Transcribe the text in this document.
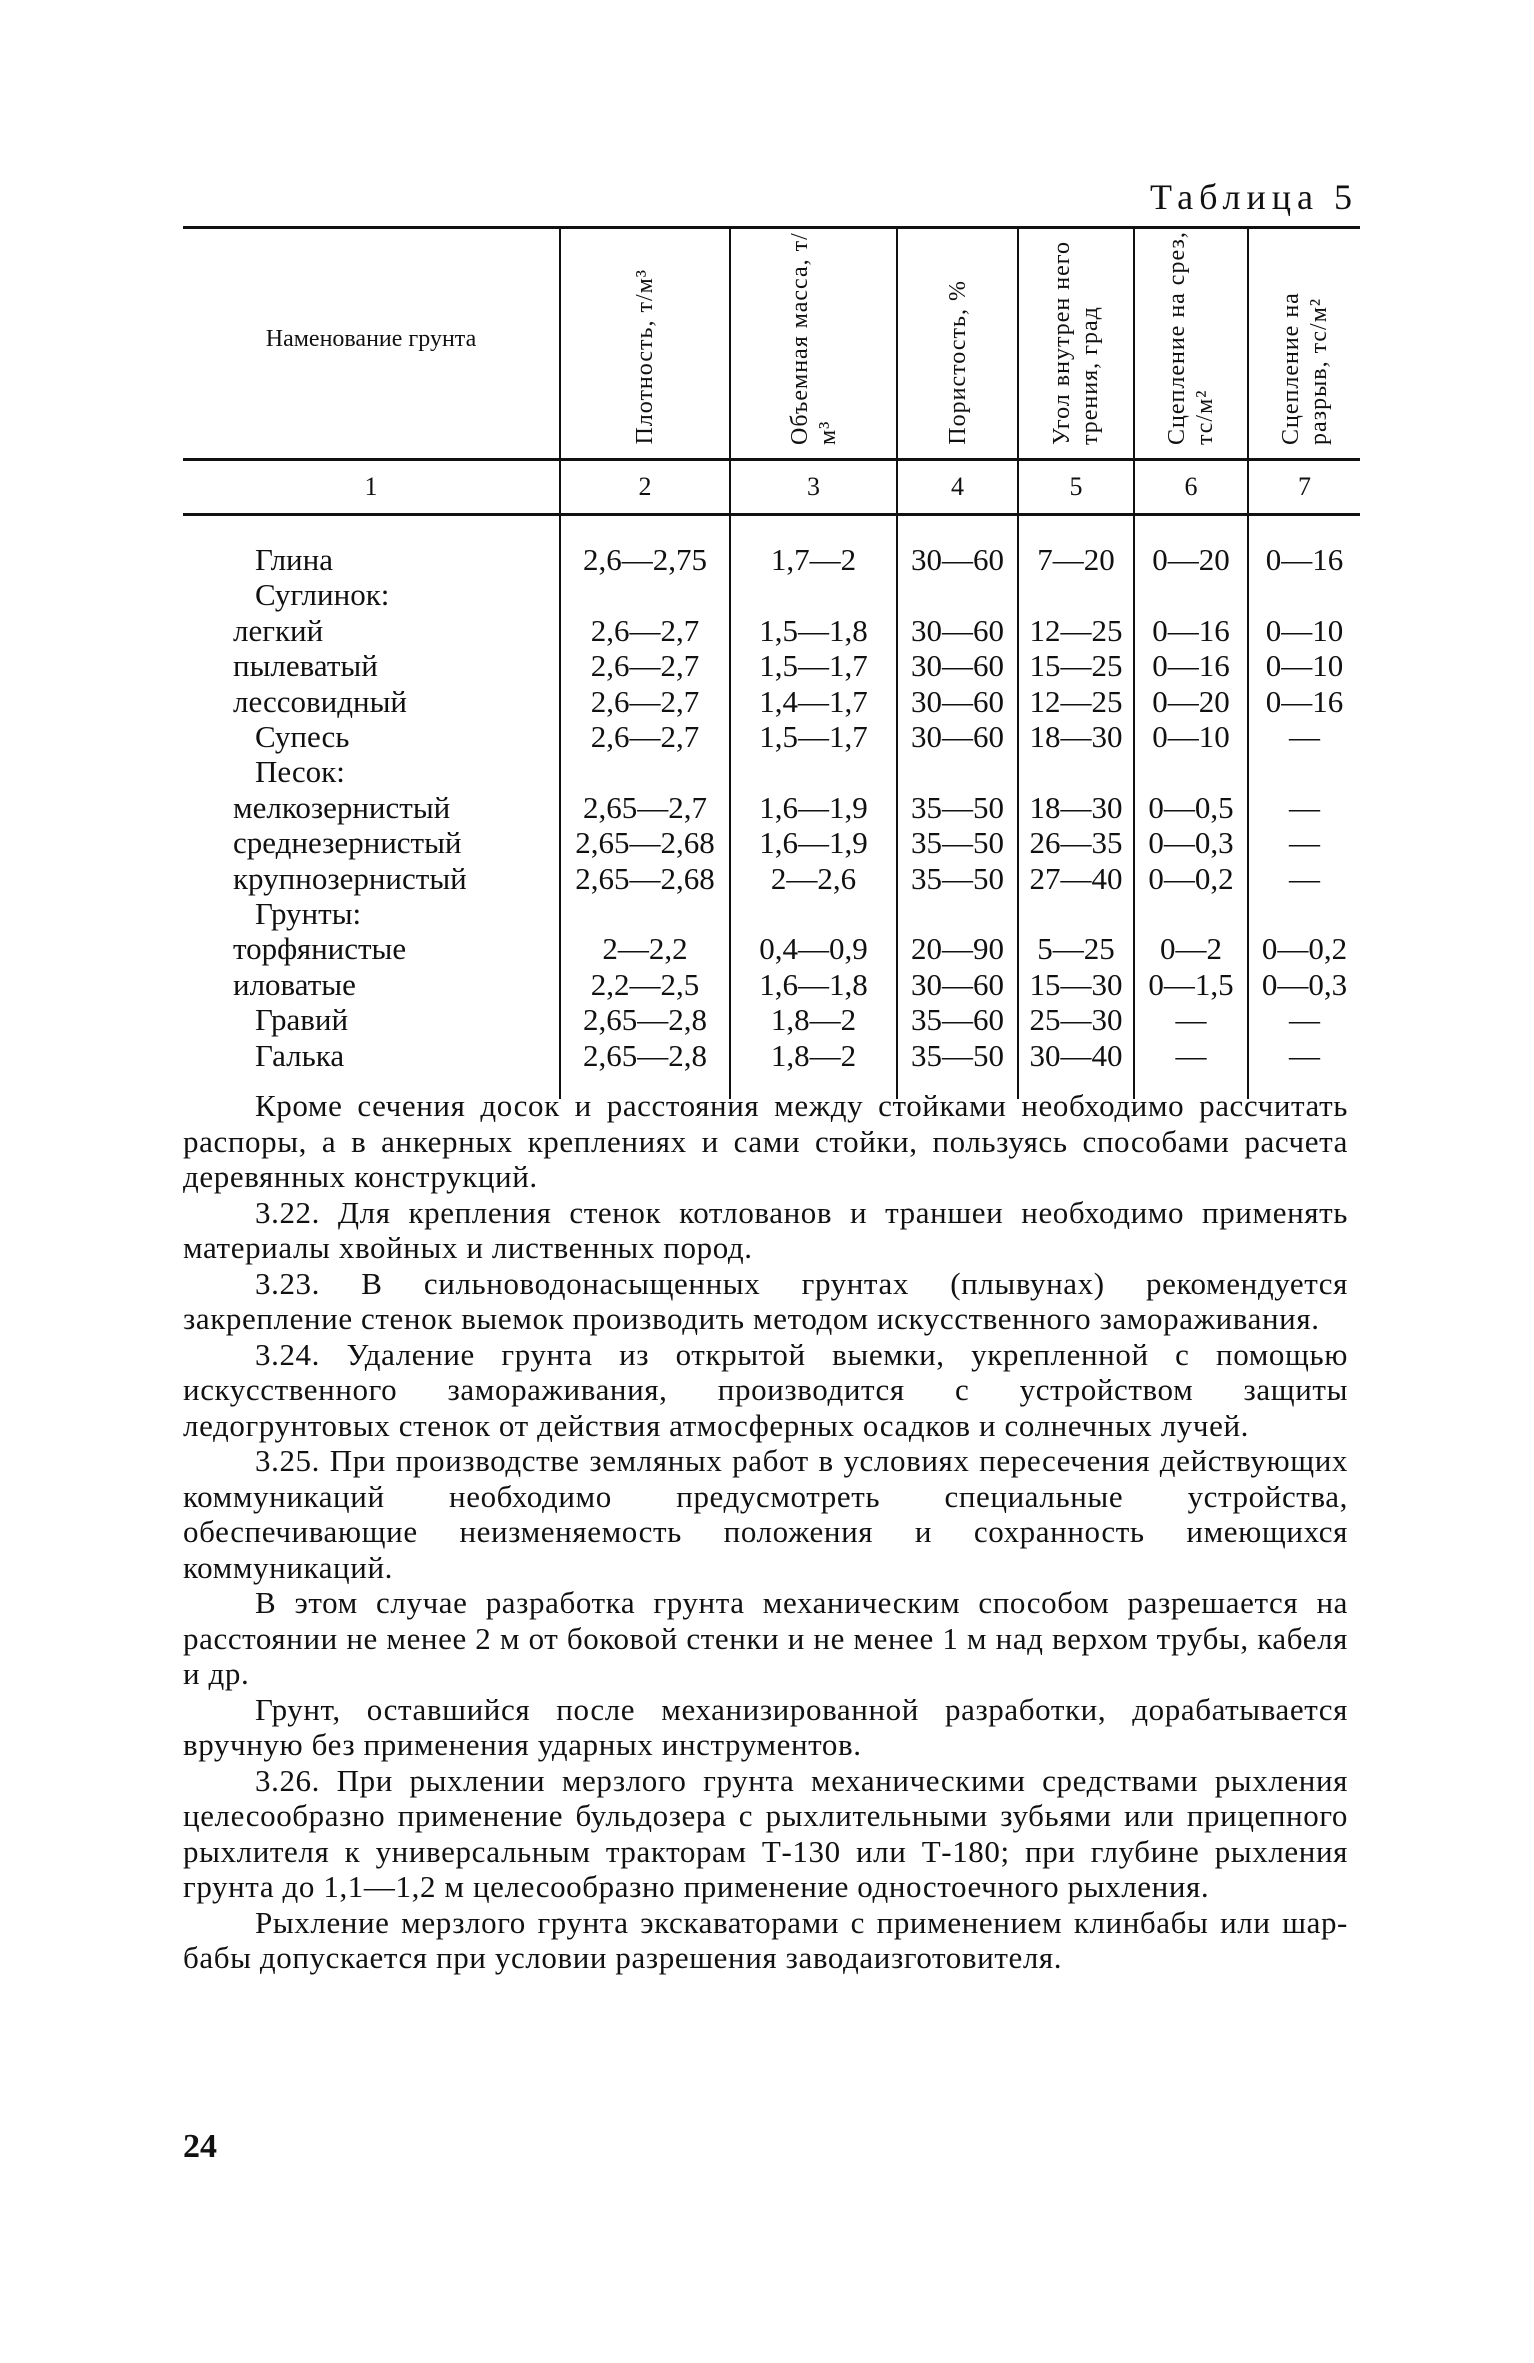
Таблица 5
Наменование грунта	Плотность, т/м³	Объемная масса, т/м³	Пористость, %	Угол внутрен него трения, град	Сцепление на срез, тс/м²	Сцепление на разрыв, тс/м²
1	2	3	4	5	6	7

Глина	2,6—2,75	1,7—2	30—60	7—20	0—20	0—16
Суглинок:						
легкий	2,6—2,7	1,5—1,8	30—60	12—25	0—16	0—10
пылеватый	2,6—2,7	1,5—1,7	30—60	15—25	0—16	0—10
лессовидный	2,6—2,7	1,4—1,7	30—60	12—25	0—20	0—16
Супесь	2,6—2,7	1,5—1,7	30—60	18—30	0—10	—
Песок:						
мелкозернистый	2,65—2,7	1,6—1,9	35—50	18—30	0—0,5	—
среднезернистый	2,65—2,68	1,6—1,9	35—50	26—35	0—0,3	—
крупнозернистый	2,65—2,68	2—2,6	35—50	27—40	0—0,2	—
Грунты:						
торфянистые	2—2,2	0,4—0,9	20—90	5—25	0—2	0—0,2
иловатые	2,2—2,5	1,6—1,8	30—60	15—30	0—1,5	0—0,3
Гравий	2,65—2,8	1,8—2	35—60	25—30	—	—
Галька	2,65—2,8	1,8—2	35—50	30—40	—	—

Кроме сечения досок и расстояния между стойками необходимо рассчитать распоры, а в анкерных креплениях и сами стойки, пользуясь способами расчета деревянных конструкций.

3.22. Для крепления стенок котлованов и траншеи необходимо применять материалы хвойных и лиственных пород.

3.23. В сильноводонасыщенных грунтах (плывунах) рекомендуется закрепление стенок выемок производить методом искусственного замораживания.

3.24. Удаление грунта из открытой выемки, укрепленной с помощью искусственного замораживания, производится с устройством защиты ледогрунтовых стенок от действия атмосферных осадков и солнечных лучей.

3.25. При производстве земляных работ в условиях пересечения действующих коммуникаций необходимо предусмотреть специальные устройства, обеспечивающие неизменяемость положения и сохранность имеющихся коммуникаций.

В этом случае разработка грунта механическим способом разрешается на расстоянии не менее 2 м от боковой стенки и не менее 1 м над верхом трубы, кабеля и др.

Грунт, оставшийся после механизированной разработки, дорабатывается вручную без применения ударных инструментов.

3.26. При рыхлении мерзлого грунта механическими средствами рыхления целесообразно применение бульдозера с рыхлительными зубьями или прицепного рыхлителя к универсальным тракторам Т-130 или Т-180; при глубине рыхления грунта до 1,1—1,2 м целесообразно применение одностоечного рыхления.

Рыхление мерзлого грунта экскаваторами с применением клинбабы или шар-бабы допускается при условии разрешения заводаизготовителя.

24
